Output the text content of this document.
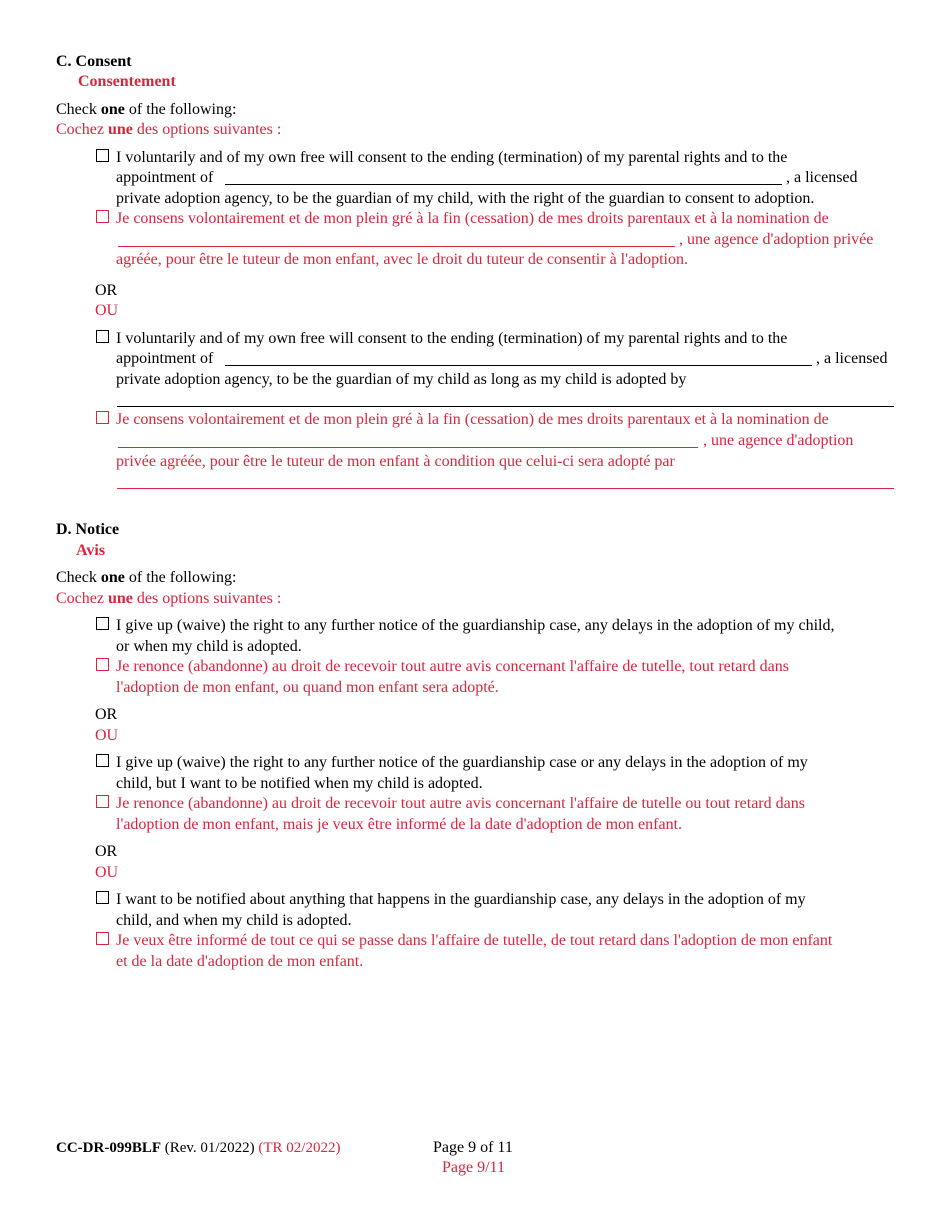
C. Consent
Consentement
Check one of the following:
Cochez une des options suivantes :
I voluntarily and of my own free will consent to the ending (termination) of my parental rights and to the
appointment of	, a licensed
private adoption agency, to be the guardian of my child, with the right of the guardian to consent to adoption.
Je consens volontairement et de mon plein gré à la fin (cessation) de mes droits parentaux et à la nomination de
, une agence d'adoption privée
agréée, pour être le tuteur de mon enfant, avec le droit du tuteur de consentir à l'adoption.
OR
OU
I voluntarily and of my own free will consent to the ending (termination) of my parental rights and to the
appointment of	, a licensed
private adoption agency, to be the guardian of my child as long as my child is adopted by
Je consens volontairement et de mon plein gré à la fin (cessation) de mes droits parentaux et à la nomination de
, une agence d'adoption
privée agréée, pour être le tuteur de mon enfant à condition que celui-ci sera adopté par
D. Notice
Avis
Check one of the following:
Cochez une des options suivantes :
I give up (waive) the right to any further notice of the guardianship case, any delays in the adoption of my child,
or when my child is adopted.
Je renonce (abandonne) au droit de recevoir tout autre avis concernant l'affaire de tutelle, tout retard dans
l'adoption de mon enfant, ou quand mon enfant sera adopté.
OR
OU
I give up (waive) the right to any further notice of the guardianship case or any delays in the adoption of my
child, but I want to be notified when my child is adopted.
Je renonce (abandonne) au droit de recevoir tout autre avis concernant l'affaire de tutelle ou tout retard dans
l'adoption de mon enfant, mais je veux être informé de la date d'adoption de mon enfant.
OR
OU
I want to be notified about anything that happens in the guardianship case, any delays in the adoption of my
child, and when my child is adopted.
Je veux être informé de tout ce qui se passe dans l'affaire de tutelle, de tout retard dans l'adoption de mon enfant
et de la date d'adoption de mon enfant.
CC-DR-099BLF (Rev. 01/2022) (TR 02/2022)	Page 9 of 11
Page 9/11
